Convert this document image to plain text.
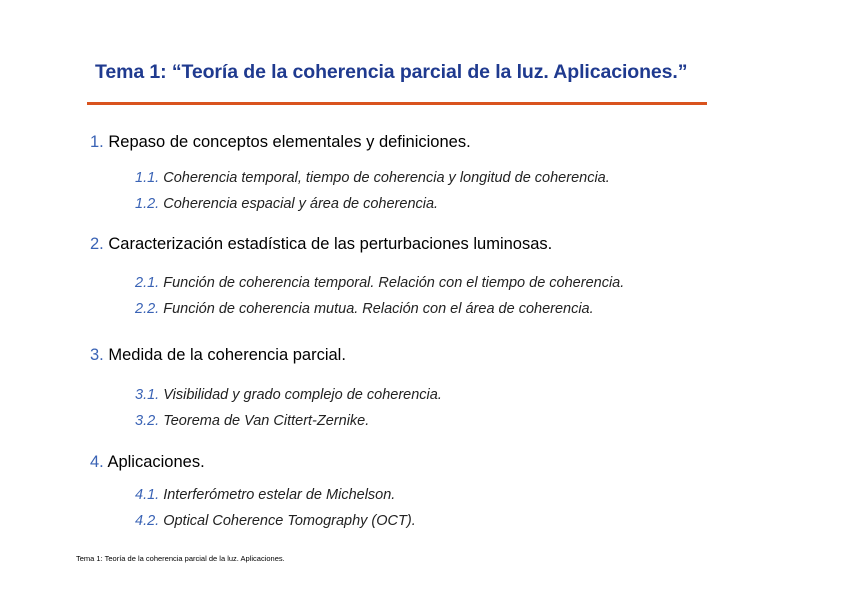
Tema 1: “Teoría de la coherencia parcial de la luz. Aplicaciones.”
1. Repaso de conceptos elementales y definiciones.
1.1. Coherencia temporal, tiempo de coherencia y longitud de coherencia.
1.2. Coherencia espacial y área de coherencia.
2. Caracterización estadística de las perturbaciones luminosas.
2.1. Función de coherencia temporal. Relación con el tiempo de coherencia.
2.2. Función de coherencia mutua. Relación con el área de coherencia.
3. Medida de la coherencia parcial.
3.1. Visibilidad y grado complejo de coherencia.
3.2. Teorema de Van Cittert-Zernike.
4. Aplicaciones.
4.1. Interferómetro estelar de Michelson.
4.2. Optical Coherence Tomography (OCT).
Tema 1: Teoría de la coherencia parcial de la luz. Aplicaciones.
